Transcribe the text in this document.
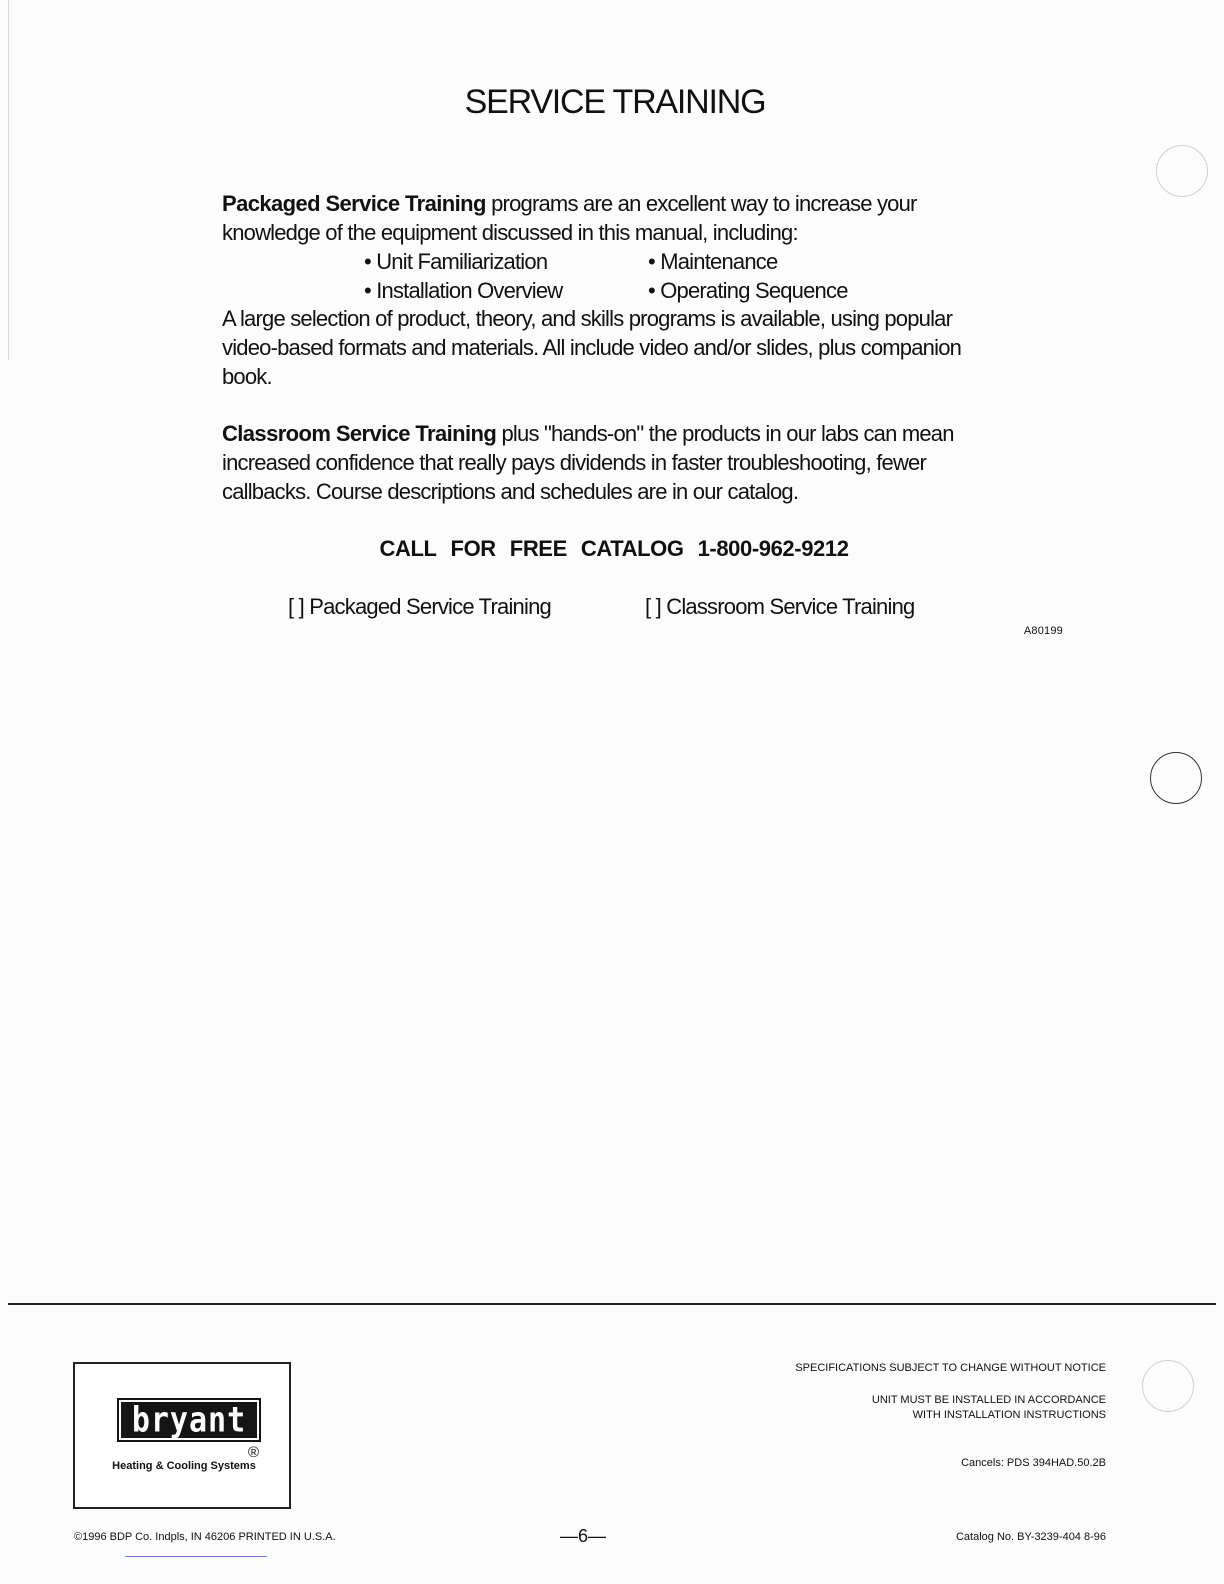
SERVICE TRAINING
Packaged Service Training programs are an excellent way to increase your
knowledge of the equipment discussed in this manual, including:
• Unit Familiarization	• Maintenance
• Installation Overview	• Operating Sequence
A large selection of product, theory, and skills programs is available, using popular
video-based formats and materials. All include video and/or slides, plus companion
book.
Classroom Service Training plus "hands-on" the products in our labs can mean
increased confidence that really pays dividends in faster troubleshooting, fewer
callbacks. Course descriptions and schedules are in our catalog.
CALL FOR FREE CATALOG 1-800-962-9212
[ ] Packaged Service Training	[ ] Classroom Service Training
A80199
bryant
®
Heating & Cooling Systems
SPECIFICATIONS SUBJECT TO CHANGE WITHOUT NOTICE
UNIT MUST BE INSTALLED IN ACCORDANCE
WITH INSTALLATION INSTRUCTIONS
Cancels: PDS 394HAD.50.2B
©1996 BDP Co. Indpls, IN 46206 PRINTED IN U.S.A.	—6—	Catalog No. BY-3239-404 8-96
